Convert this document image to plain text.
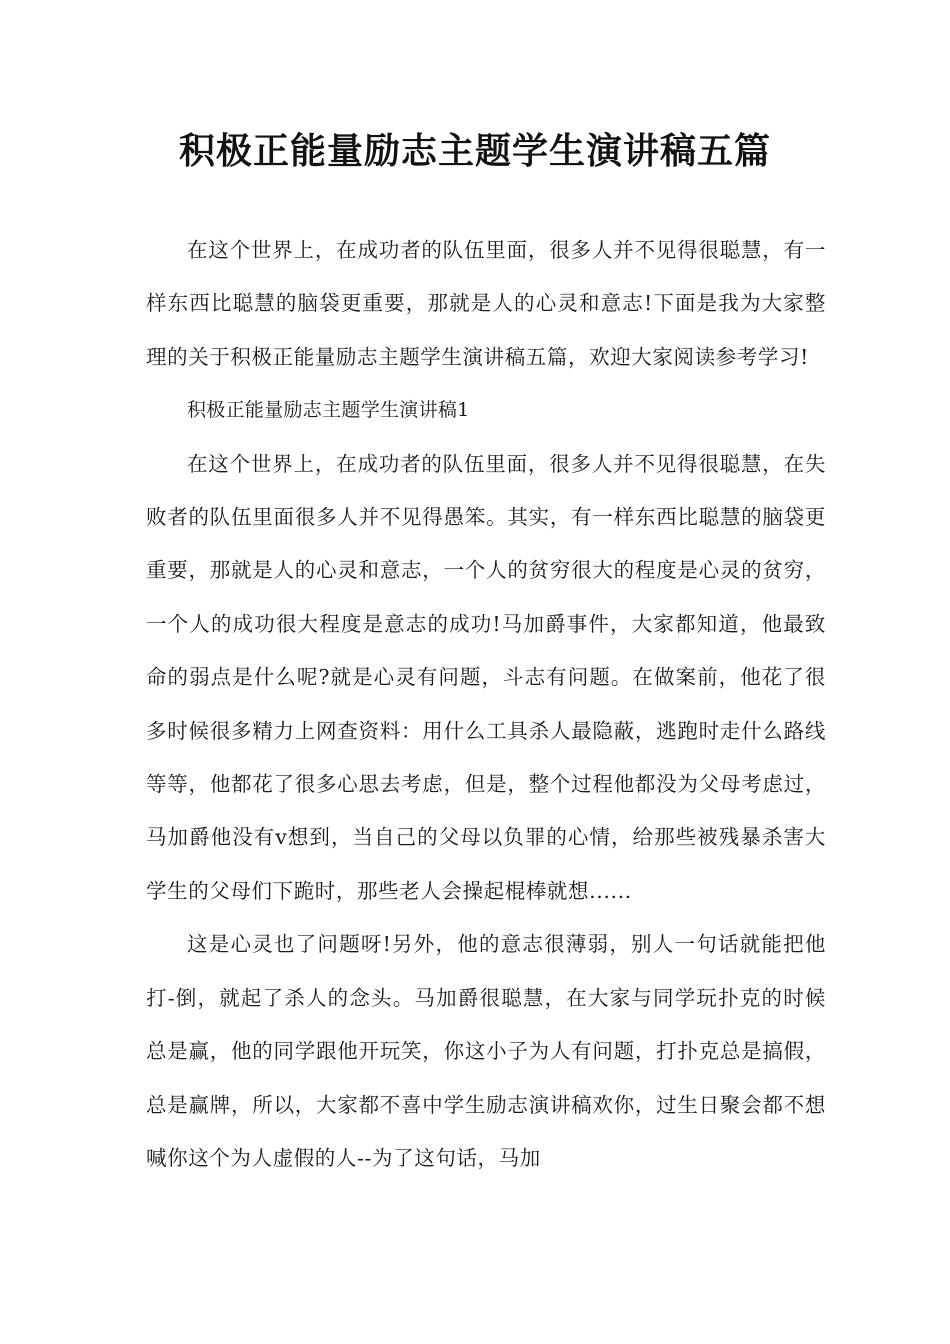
积极正能量励志主题学生演讲稿五篇

在这个世界上，在成功者的队伍里面，很多人并不见得很聪慧，有一样东西比聪慧的脑袋更重要，那就是人的心灵和意志!下面是我为大家整理的关于积极正能量励志主题学生演讲稿五篇，欢迎大家阅读参考学习!

积极正能量励志主题学生演讲稿1

在这个世界上，在成功者的队伍里面，很多人并不见得很聪慧，在失败者的队伍里面很多人并不见得愚笨。其实，有一样东西比聪慧的脑袋更重要，那就是人的心灵和意志，一个人的贫穷很大的程度是心灵的贫穷，一个人的成功很大程度是意志的成功!马加爵事件，大家都知道，他最致命的弱点是什么呢?就是心灵有问题，斗志有问题。在做案前，他花了很多时候很多精力上网查资料：用什么工具杀人最隐蔽，逃跑时走什么路线等等，他都花了很多心思去考虑，但是，整个过程他都没为父母考虑过，马加爵他没有v想到，当自己的父母以负罪的心情，给那些被残暴杀害大学生的父母们下跪时，那些老人会操起棍棒就想......

这是心灵也了问题呀!另外，他的意志很薄弱，别人一句话就能把他打-倒，就起了杀人的念头。马加爵很聪慧，在大家与同学玩扑克的时候总是赢，他的同学跟他开玩笑，你这小子为人有问题，打扑克总是搞假，总是赢牌，所以，大家都不喜中学生励志演讲稿欢你，过生日聚会都不想喊你这个为人虚假的人--为了这句话，马加
